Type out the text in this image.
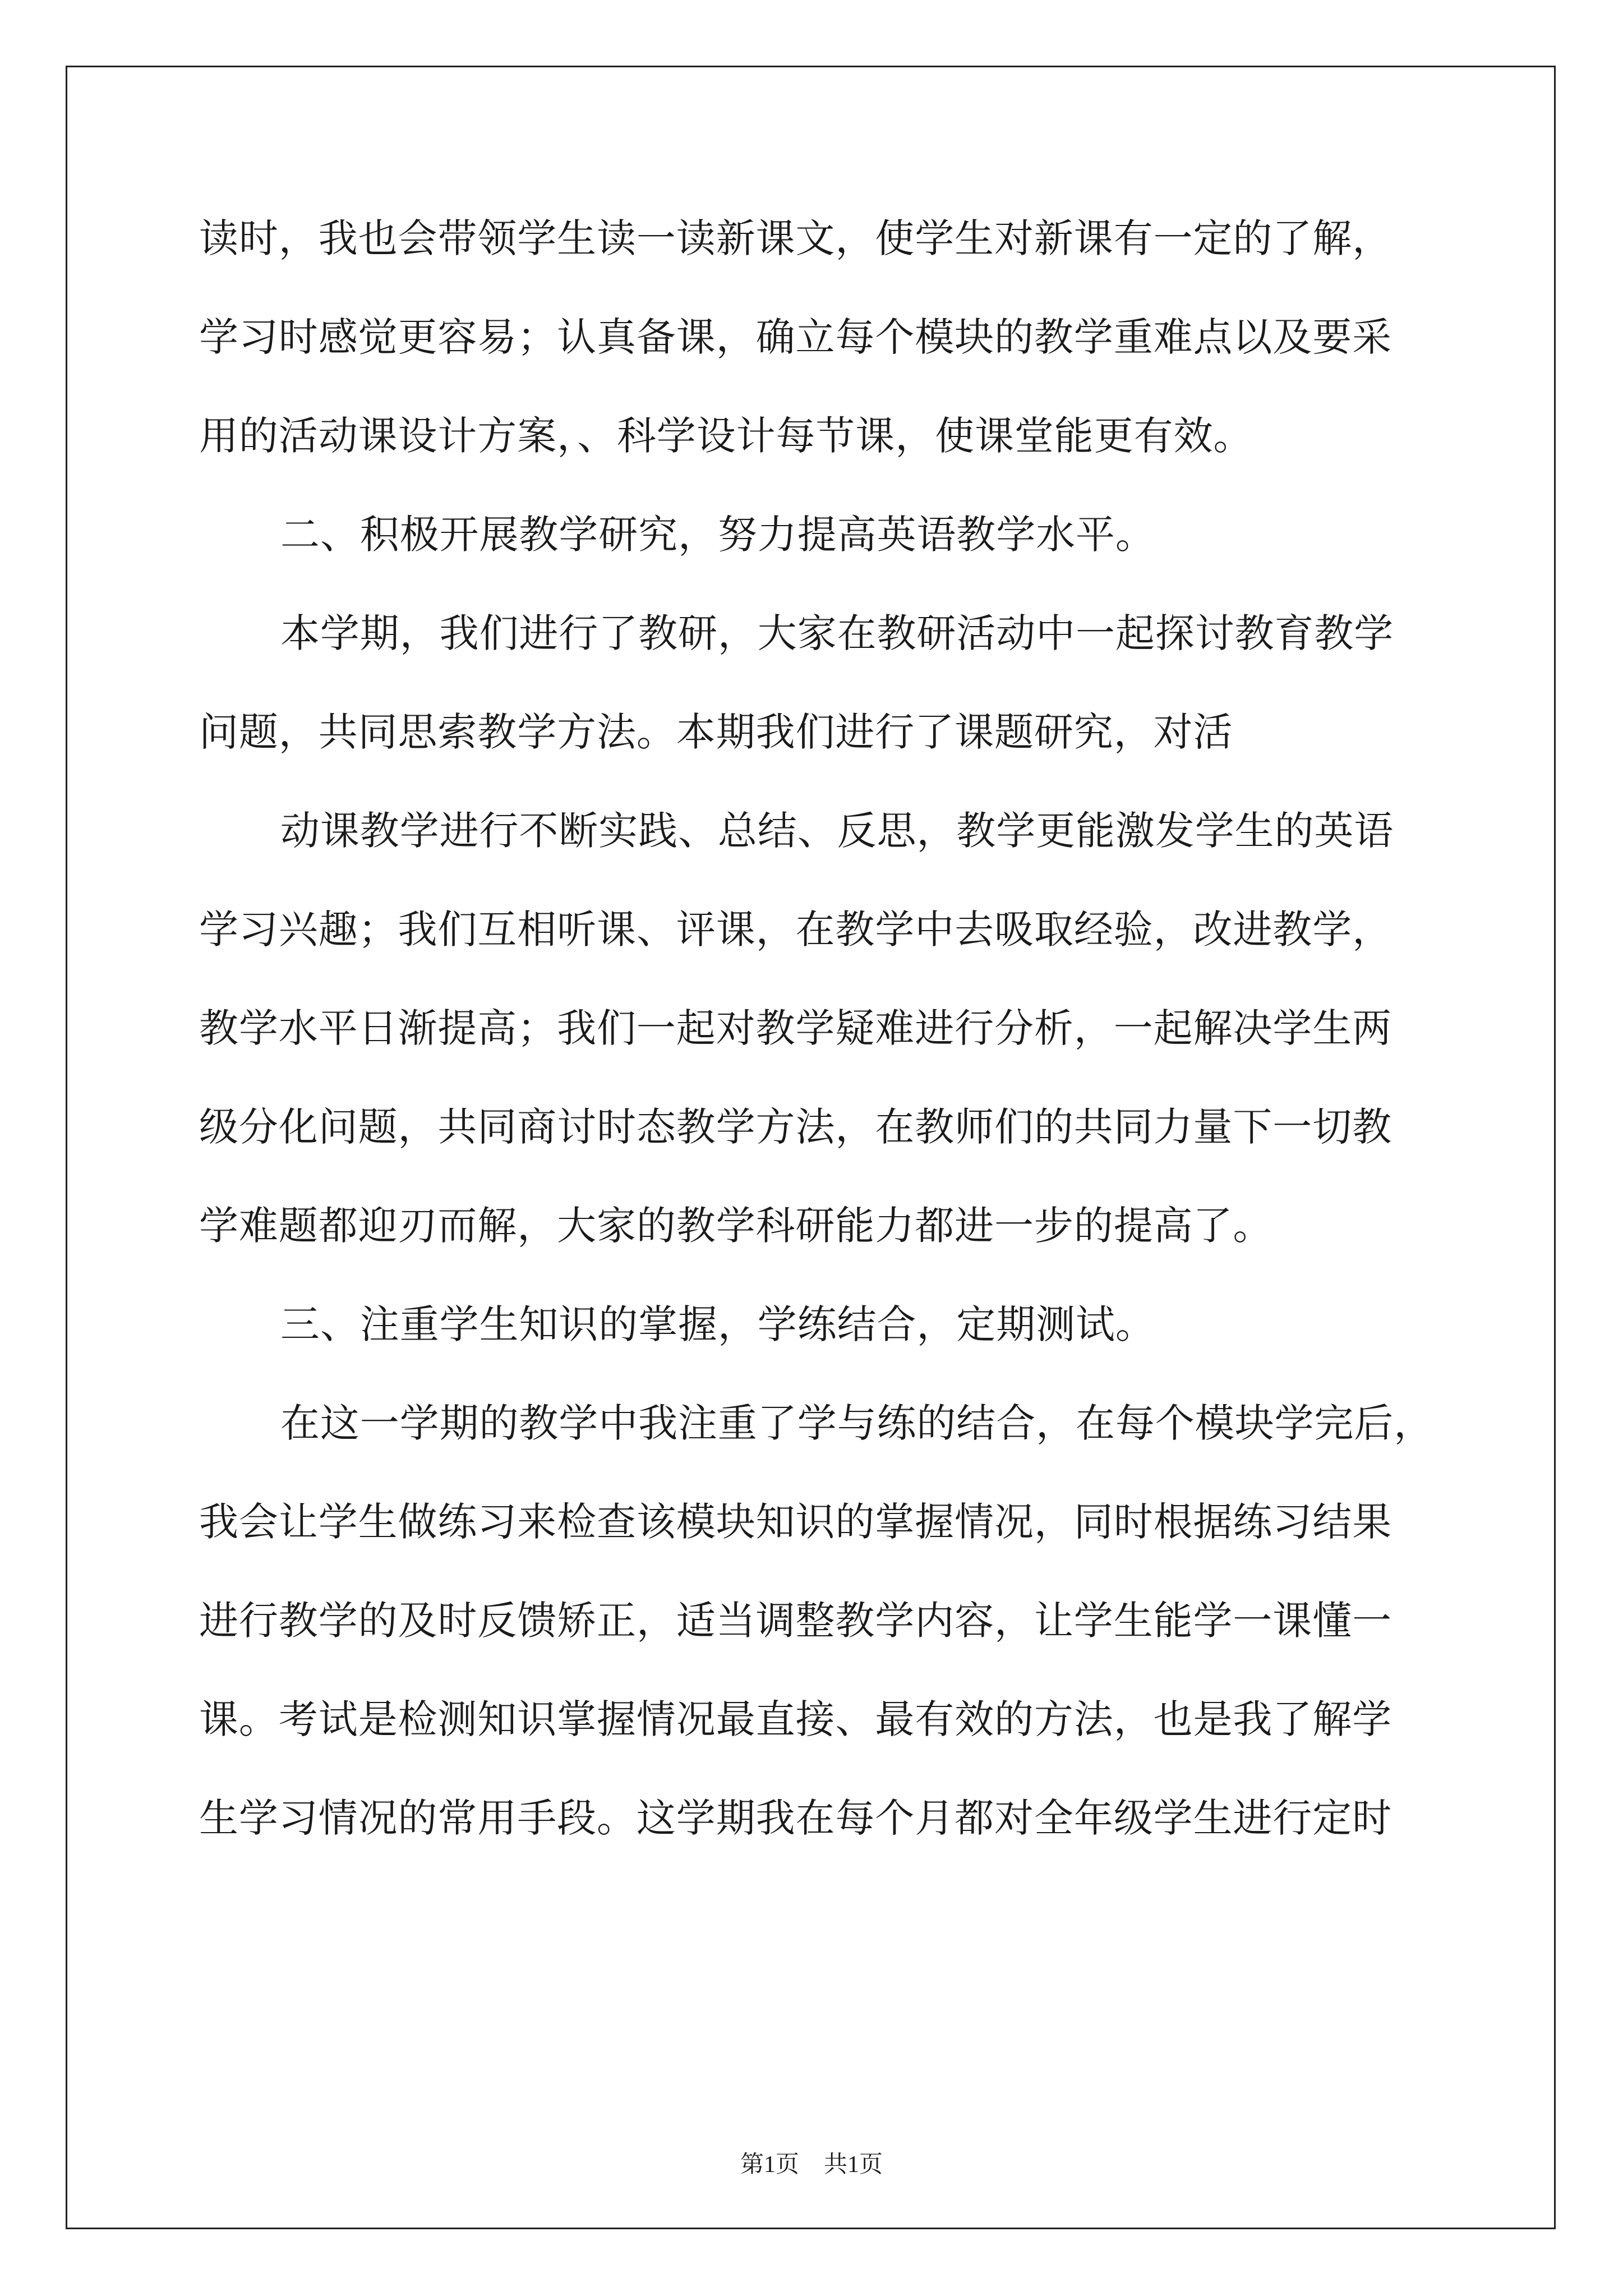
读时，我也会带领学生读一读新课文，使学生对新课有一定的了解，
学习时感觉更容易；认真备课，确立每个模块的教学重难点以及要采
用的活动课设计方案，、科学设计每节课，使课堂能更有效。
二、积极开展教学研究，努力提高英语教学水平。
本学期，我们进行了教研，大家在教研活动中一起探讨教育教学
问题，共同思索教学方法。本期我们进行了课题研究，对活
动课教学进行不断实践、总结、反思，教学更能激发学生的英语
学习兴趣；我们互相听课、评课，在教学中去吸取经验，改进教学，
教学水平日渐提高；我们一起对教学疑难进行分析，一起解决学生两
级分化问题，共同商讨时态教学方法，在教师们的共同力量下一切教
学难题都迎刃而解，大家的教学科研能力都进一步的提高了。
三、注重学生知识的掌握，学练结合，定期测试。
在这一学期的教学中我注重了学与练的结合，在每个模块学完后，
我会让学生做练习来检查该模块知识的掌握情况，同时根据练习结果
进行教学的及时反馈矫正，适当调整教学内容，让学生能学一课懂一
课。考试是检测知识掌握情况最直接、最有效的方法，也是我了解学
生学习情况的常用手段。这学期我在每个月都对全年级学生进行定时
第1页 共1页
